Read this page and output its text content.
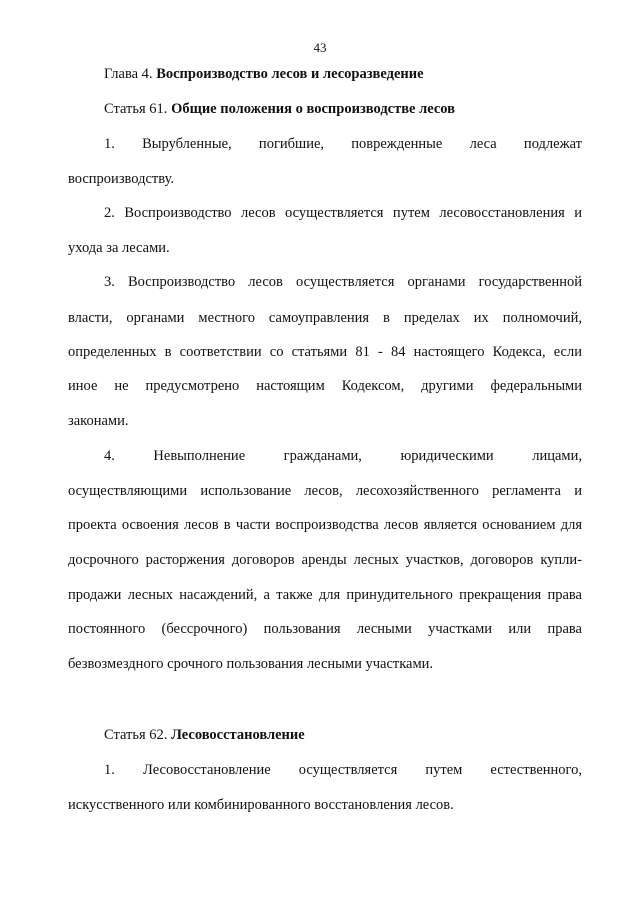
43
Глава 4. Воспроизводство лесов и лесоразведение
Статья 61. Общие положения о воспроизводстве лесов
1. Вырубленные, погибшие, поврежденные леса подлежат
воспроизводству.
2. Воспроизводство лесов осуществляется путем лесовосстановления и
ухода за лесами.
3. Воспроизводство лесов осуществляется органами государственной
власти, органами местного самоуправления в пределах их полномочий,
определенных в соответствии со статьями 81 - 84 настоящего Кодекса, если
иное не предусмотрено настоящим Кодексом, другими федеральными
законами.
4. Невыполнение гражданами, юридическими лицами,
осуществляющими использование лесов, лесохозяйственного регламента и
проекта освоения лесов в части воспроизводства лесов является основанием для
досрочного расторжения договоров аренды лесных участков, договоров купли-
продажи лесных насаждений, а также для принудительного прекращения права
постоянного (бессрочного) пользования лесными участками или права
безвозмездного срочного пользования лесными участками.
Статья 62. Лесовосстановление
1. Лесовосстановление осуществляется путем естественного,
искусственного или комбинированного восстановления лесов.
